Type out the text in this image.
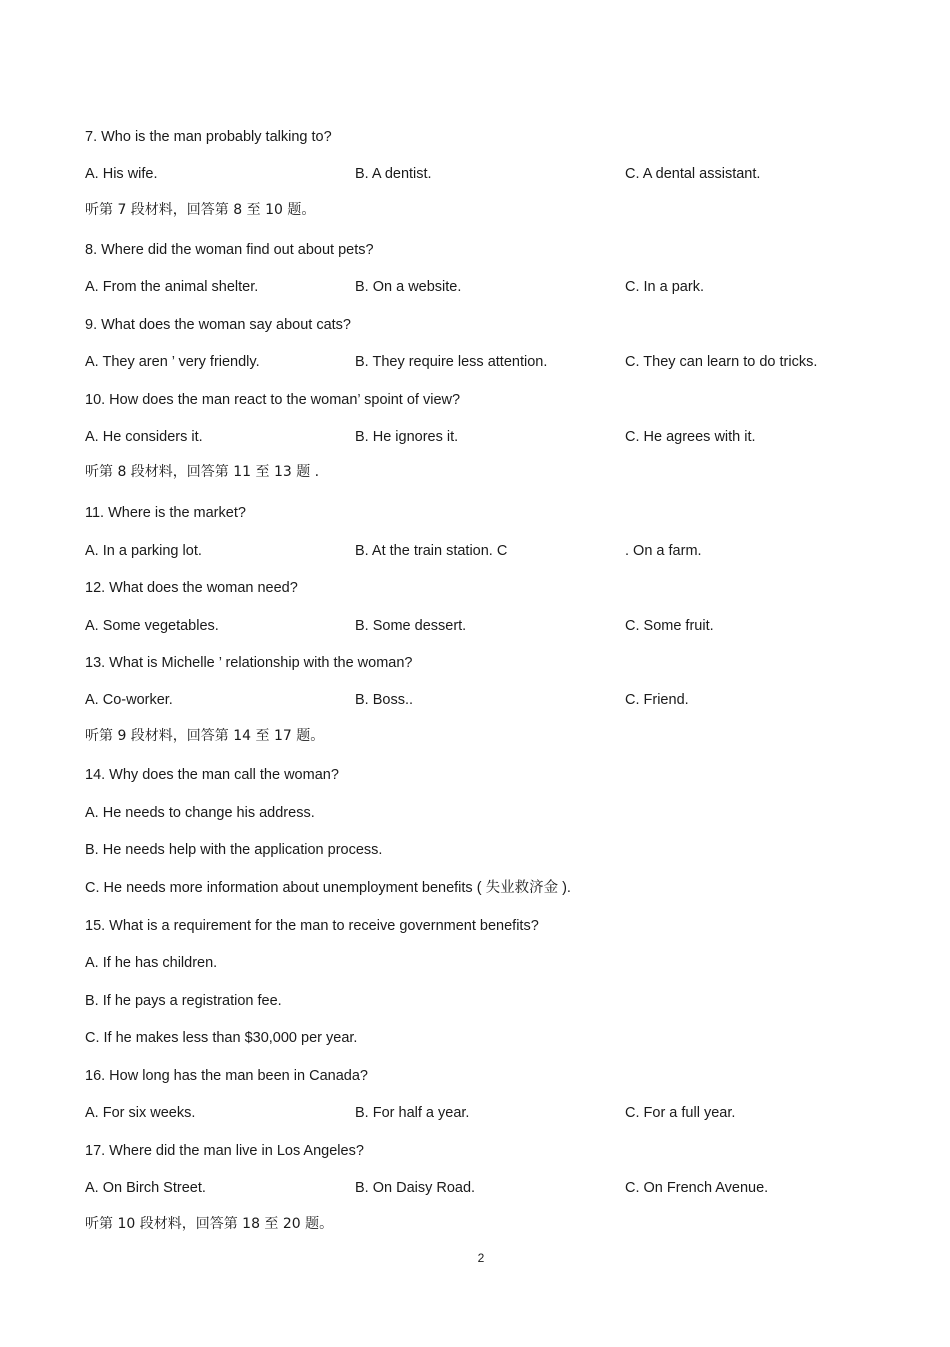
7. Who is the man probably talking to?
A. His wife.	B. A dentist.	C. A dental assistant.
听第 7 段材料，回答第 8 至 10 题。
8. Where did the woman find out about pets?
A. From the animal shelter.	B. On a website.	C. In a park.
9. What does the woman say about cats?
A. They aren ’ very friendly.	B. They require less attention.	C. They can learn to do tricks.
10. How does the man react to the woman’ spoint of view?
A. He considers it.	B. He ignores it.	C. He agrees with it.
听第 8 段材料，回答第 11 至 13 题 .
11. Where is the market?
A. In a parking lot.	B. At the train station. C	. On a farm.
12. What does the woman need?
A. Some vegetables.	B. Some dessert.	C. Some fruit.
13. What is Michelle ’ relationship with the woman?
A. Co-worker.	B. Boss..	C. Friend.
听第 9 段材料，回答第 14 至 17 题。
14. Why does the man call the woman?
A. He needs to change his address.
B. He needs help with the application process.
C. He needs more information about unemployment benefits ( 失业救济金 ).
15. What is a requirement for the man to receive government benefits?
A. If he has children.
B. If he pays a registration fee.
C. If he makes less than $30,000 per year.
16. How long has the man been in Canada?
A. For six weeks.	B. For half a year.	C. For a full year.
17. Where did the man live in Los Angeles?
A. On Birch Street.	B. On Daisy Road.	C. On French Avenue.
听第 10 段材料，回答第 18 至 20 题。
2
